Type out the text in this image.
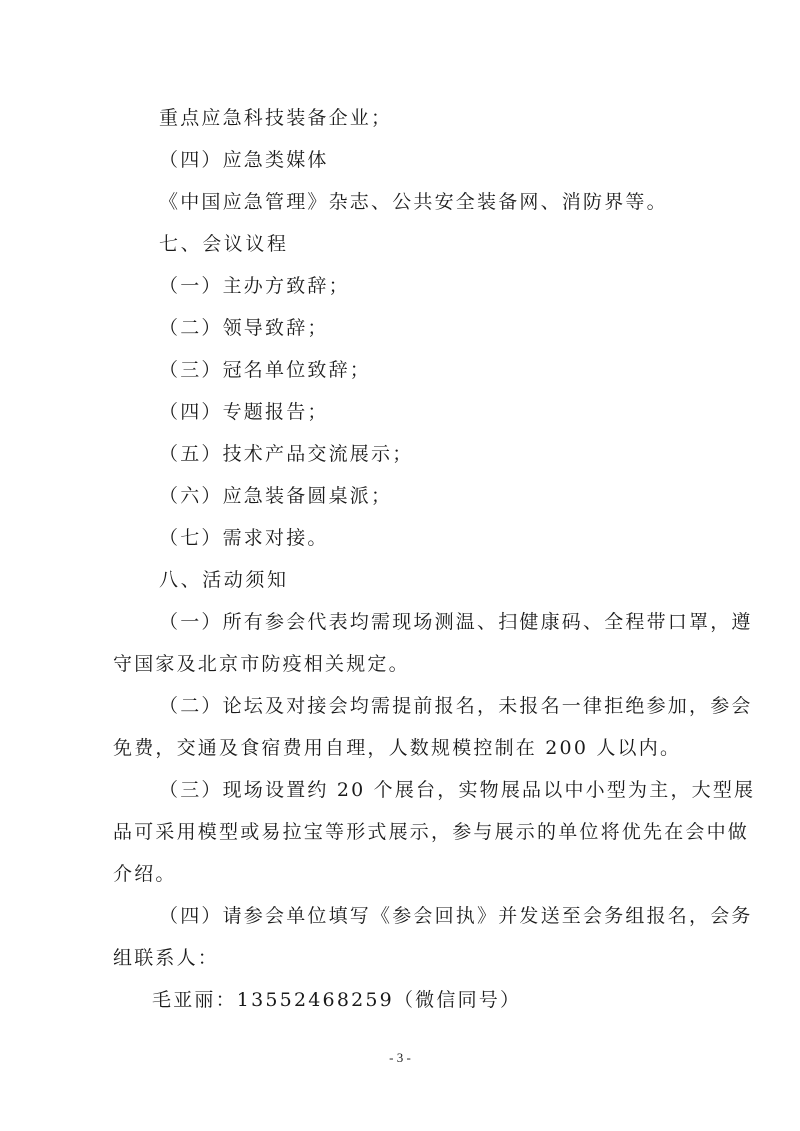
重点应急科技装备企业；
（四）应急类媒体
《中国应急管理》杂志、公共安全装备网、消防界等。
七、会议议程
（一）主办方致辞；
（二）领导致辞；
（三）冠名单位致辞；
（四）专题报告；
（五）技术产品交流展示；
（六）应急装备圆桌派；
（七）需求对接。
八、活动须知
（一）所有参会代表均需现场测温、扫健康码、全程带口罩，遵
守国家及北京市防疫相关规定。
（二）论坛及对接会均需提前报名，未报名一律拒绝参加，参会
免费，交通及食宿费用自理，人数规模控制在 200 人以内。
（三）现场设置约 20 个展台，实物展品以中小型为主，大型展
品可采用模型或易拉宝等形式展示，参与展示的单位将优先在会中做
介绍。
（四）请参会单位填写《参会回执》并发送至会务组报名，会务
组联系人：
毛亚丽：13552468259（微信同号）
- 3 -
